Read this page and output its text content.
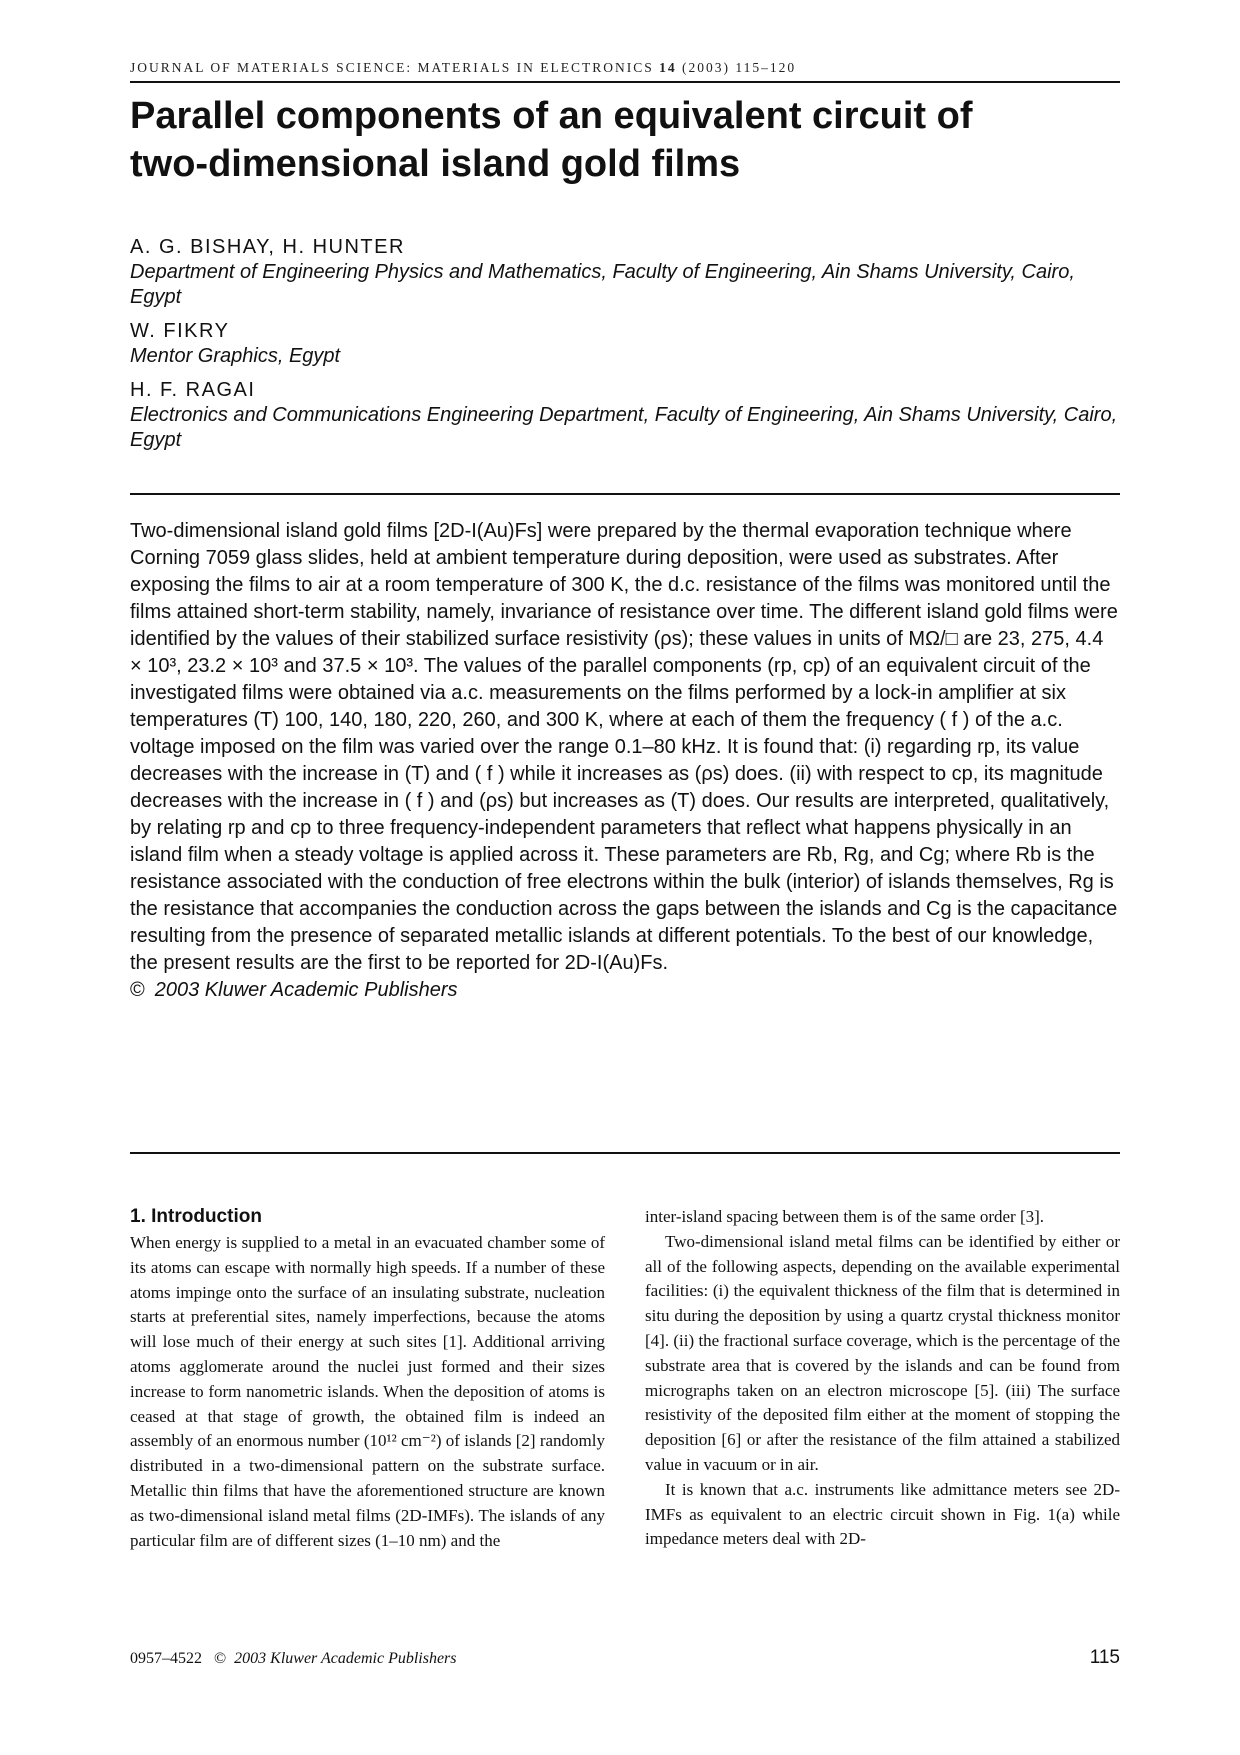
JOURNAL OF MATERIALS SCIENCE: MATERIALS IN ELECTRONICS 14 (2003) 115–120
Parallel components of an equivalent circuit of
two-dimensional island gold films
A. G. BISHAY, H. HUNTER
Department of Engineering Physics and Mathematics, Faculty of Engineering, Ain Shams University, Cairo, Egypt
W. FIKRY
Mentor Graphics, Egypt
H. F. RAGAI
Electronics and Communications Engineering Department, Faculty of Engineering, Ain Shams University, Cairo, Egypt

Two-dimensional island gold films [2D-I(Au)Fs] were prepared by the thermal evaporation technique where Corning 7059 glass slides, held at ambient temperature during deposition, were used as substrates. After exposing the films to air at a room temperature of 300 K, the d.c. resistance of the films was monitored until the films attained short-term stability, namely, invariance of resistance over time. The different island gold films were identified by the values of their stabilized surface resistivity (ρs); these values in units of MΩ/□ are 23, 275, 4.4 × 10³, 23.2 × 10³ and 37.5 × 10³. The values of the parallel components (rp, cp) of an equivalent circuit of the investigated films were obtained via a.c. measurements on the films performed by a lock-in amplifier at six temperatures (T) 100, 140, 180, 220, 260, and 300 K, where at each of them the frequency ( f ) of the a.c. voltage imposed on the film was varied over the range 0.1–80 kHz. It is found that: (i) regarding rp, its value decreases with the increase in (T) and ( f ) while it increases as (ρs) does. (ii) with respect to cp, its magnitude decreases with the increase in ( f ) and (ρs) but increases as (T) does. Our results are interpreted, qualitatively, by relating rp and cp to three frequency-independent parameters that reflect what happens physically in an island film when a steady voltage is applied across it. These parameters are Rb, Rg, and Cg; where Rb is the resistance associated with the conduction of free electrons within the bulk (interior) of islands themselves, Rg is the resistance that accompanies the conduction across the gaps between the islands and Cg is the capacitance resulting from the presence of separated metallic islands at different potentials. To the best of our knowledge, the present results are the first to be reported for 2D-I(Au)Fs.

© 2003 Kluwer Academic Publishers

1. Introduction

When energy is supplied to a metal in an evacuated chamber some of its atoms can escape with normally high speeds. If a number of these atoms impinge onto the surface of an insulating substrate, nucleation starts at preferential sites, namely imperfections, because the atoms will lose much of their energy at such sites [1]. Additional arriving atoms agglomerate around the nuclei just formed and their sizes increase to form nanometric islands. When the deposition of atoms is ceased at that stage of growth, the obtained film is indeed an assembly of an enormous number (10¹² cm⁻²) of islands [2] randomly distributed in a two-dimensional pattern on the substrate surface. Metallic thin films that have the aforementioned structure are known as two-dimensional island metal films (2D-IMFs). The islands of any particular film are of different sizes (1–10 nm) and the

inter-island spacing between them is of the same order [3].

Two-dimensional island metal films can be identified by either or all of the following aspects, depending on the available experimental facilities: (i) the equivalent thickness of the film that is determined in situ during the deposition by using a quartz crystal thickness monitor [4]. (ii) the fractional surface coverage, which is the percentage of the substrate area that is covered by the islands and can be found from micrographs taken on an electron microscope [5]. (iii) The surface resistivity of the deposited film either at the moment of stopping the deposition [6] or after the resistance of the film attained a stabilized value in vacuum or in air.

It is known that a.c. instruments like admittance meters see 2D-IMFs as equivalent to an electric circuit shown in Fig. 1(a) while impedance meters deal with 2D-

0957–4522 © 2003 Kluwer Academic Publishers	115
